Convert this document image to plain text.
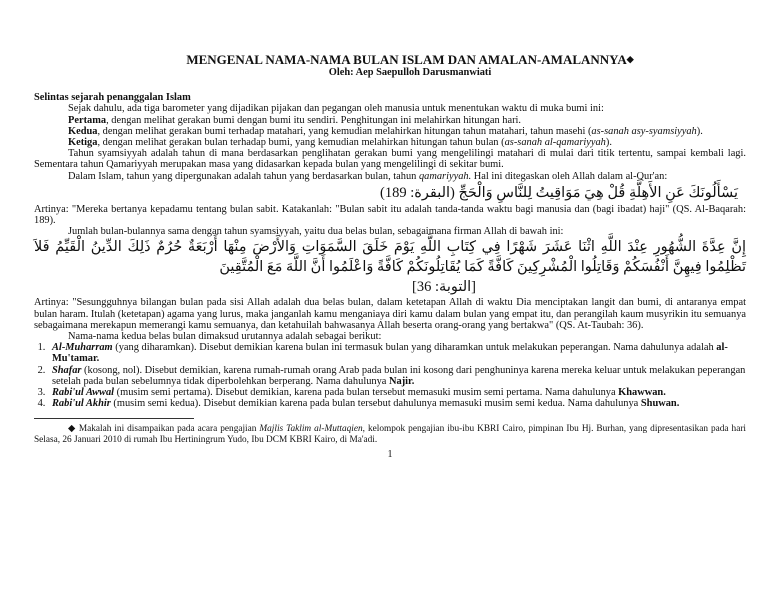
MENGENAL NAMA-NAMA BULAN ISLAM DAN AMALAN-AMALANNYA◆
Oleh: Aep Saepulloh Darusmanwiati
Selintas sejarah penanggalan Islam

Sejak dahulu, ada tiga barometer yang dijadikan pijakan dan pegangan oleh manusia untuk menentukan waktu di muka bumi ini:

Pertama, dengan melihat gerakan bumi dengan bumi itu sendiri. Penghitungan ini melahirkan hitungan hari.

Kedua, dengan melihat gerakan bumi terhadap matahari, yang kemudian melahirkan hitungan tahun matahari, tahun masehi (as-sanah asy-syamsiyyah).

Ketiga, dengan melihat gerakan bulan terhadap bumi, yang kemudian melahirkan hitungan tahun bulan (as-sanah al-qamariyyah).

Tahun syamsiyyah adalah tahun di mana berdasarkan penglihatan gerakan bumi yang mengelilingi matahari di mulai dari titik tertentu, sampai kembali lagi. Sementara tahun Qamariyyah merupakan masa yang didasarkan kepada bulan yang mengelilingi di sekitar bumi.

Dalam Islam, tahun yang dipergunakan adalah tahun yang berdasarkan bulan, tahun qamariyyah. Hal ini ditegaskan oleh Allah dalam al-Qur'an:

يَسْأَلُونَكَ عَنِ الأَهِلَّةِ قُلْ هِيَ مَوَاقِيتُ لِلنَّاسِ وَالْحَجِّ (البقرة: 189)

Artinya: "Mereka bertanya kepadamu tentang bulan sabit. Katakanlah: "Bulan sabit itu adalah tanda-tanda waktu bagi manusia dan (bagi ibadat) haji" (QS. Al-Baqarah: 189).

Jumlah bulan-bulannya sama dengan tahun syamsiyyah, yaitu dua belas bulan, sebagaimana firman Allah di bawah ini:

إِنَّ عِدَّةَ الشُّهُورِ عِنْدَ اللَّهِ اثْنَا عَشَرَ شَهْرًا فِي كِتَابِ اللَّهِ يَوْمَ خَلَقَ السَّمَوَاتِ وَالأَرْضَ مِنْهَا أَرْبَعَةٌ حُرُمٌ ذَلِكَ الدِّينُ الْقَيِّمُ فَلاَ تَظْلِمُوا فِيهِنَّ أَنْفُسَكُمْ وَقَاتِلُوا الْمُشْرِكِينَ كَافَّةً كَمَا يُقَاتِلُونَكُمْ كَافَّةً وَاعْلَمُوا أَنَّ اللَّهَ مَعَ الْمُتَّقِينَ
[التوبة: 36]

Artinya: "Sesungguhnya bilangan bulan pada sisi Allah adalah dua belas bulan, dalam ketetapan Allah di waktu Dia menciptakan langit dan bumi, di antaranya empat bulan haram. Itulah (ketetapan) agama yang lurus, maka janganlah kamu menganiaya diri kamu dalam bulan yang empat itu, dan perangilah kaum musyrikin itu semuanya sebagaimana merekapun memerangi kamu semuanya, dan ketahuilah bahwasanya Allah beserta orang-orang yang bertakwa" (QS. At-Taubah: 36).

Nama-nama kedua belas bulan dimaksud urutannya adalah sebagai berikut:

1. Al-Muharram (yang diharamkan). Disebut demikian karena bulan ini termasuk bulan yang diharamkan untuk melakukan peperangan. Nama dahulunya adalah al-Mu'tamar.
2. Shafar (kosong, nol). Disebut demikian, karena rumah-rumah orang Arab pada bulan ini kosong dari penghuninya karena mereka keluar untuk melakukan peperangan setelah pada bulan sebelumnya tidak diperbolehkan berperang. Nama dahulunya Najir.
3. Rabi'ul Awwal (musim semi pertama). Disebut demikian, karena pada bulan tersebut memasuki musim semi pertama. Nama dahulunya Khawwan.
4. Rabi'ul Akhir (musim semi kedua). Disebut demikian karena pada bulan tersebut dahulunya memasuki musim semi kedua. Nama dahulunya Shuwan.

◆ Makalah ini disampaikan pada acara pengajian Majlis Taklim al-Muttaqien, kelompok pengajian ibu-ibu KBRI Cairo, pimpinan Ibu Hj. Burhan, yang dipresentasikan pada hari Selasa, 26 Januari 2010 di rumah Ibu Hertiningrum Yudo, Ibu DCM KBRI Kairo, di Ma'adi.

1
